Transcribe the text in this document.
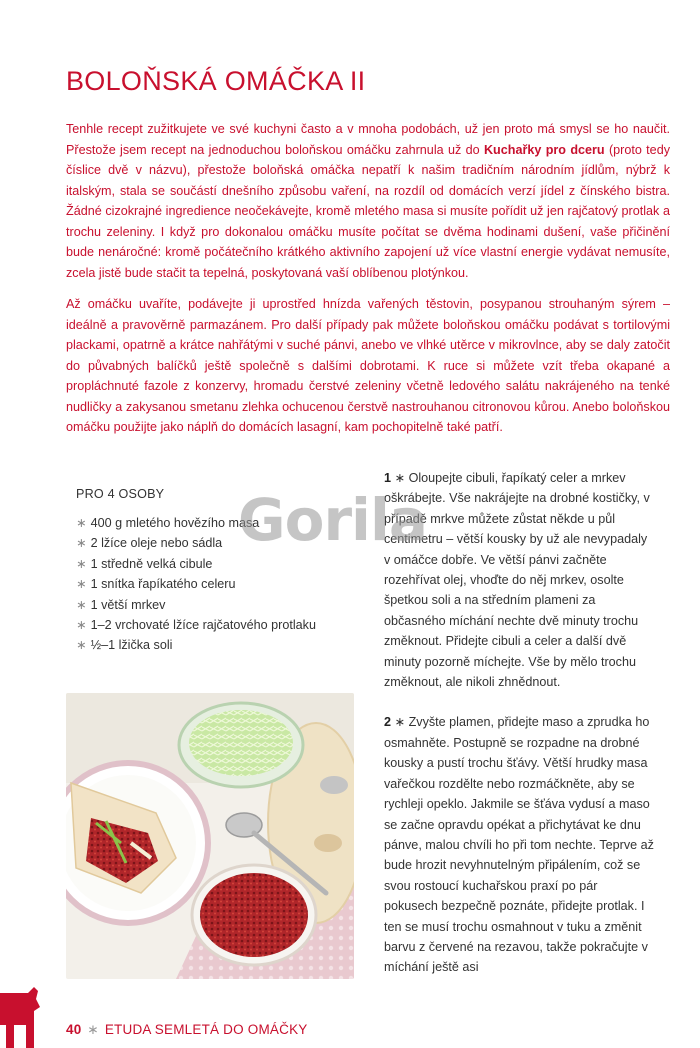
BOLOŇSKÁ OMÁČKA II

Tenhle recept zužitkujete ve své kuchyni často a v mnoha podobách, už jen proto má smysl se ho naučit. Přestože jsem recept na jednoduchou boloňskou omáčku zahrnula už do Kuchařky pro dceru (proto tedy číslice dvě v názvu), přestože boloňská omáčka nepatří k našim tradičním národním jídlům, nýbrž k italským, stala se součástí dnešního způsobu vaření, na rozdíl od domácích verzí jídel z čínského bistra. Žádné cizokrajné ingredience neočekávejte, kromě mletého masa si musíte pořídit už jen rajčatový protlak a trochu zeleniny. I když pro dokonalou omáčku musíte počítat se dvěma hodinami dušení, vaše přičinění bude nenáročné: kromě počátečního krátkého aktivního zapojení už více vlastní energie vydávat nemusíte, zcela jistě bude stačit ta tepelná, poskytovaná vaší oblíbenou plotýnkou.

Až omáčku uvaříte, podávejte ji uprostřed hnízda vařených těstovin, posypanou strouhaným sýrem – ideálně a pravověrně parmazánem. Pro další případy pak můžete boloňskou omáčku podávat s tortilovými plackami, opatrně a krátce nahřátými v suché pánvi, anebo ve vlhké utěrce v mikrovlnce, aby se daly zatočit do půvabných balíčků ještě společně s dalšími dobrotami. K ruce si můžete vzít třeba okapané a propláchnuté fazole z konzervy, hromadu čerstvé zeleniny včetně ledového salátu nakrájeného na tenké nudličky a zakysanou smetanu zlehka ochucenou čerstvě nastrouhanou citronovou kůrou. Anebo boloňskou omáčku použijte jako náplň do domácích lasagní, kam pochopitelně také patří.

PRO 4 OSOBY
∗ 400 g mletého hovězího masa
∗ 2 lžíce oleje nebo sádla
∗ 1 středně velká cibule
∗ 1 snítka řapíkatého celeru
∗ 1 větší mrkev
∗ 1–2 vrchovaté lžíce rajčatového protlaku
∗ ½–1 lžička soli

1 ∗ Oloupejte cibuli, řapíkatý celer a mrkev oškrábejte. Vše nakrájejte na drobné kostičky, v případě mrkve můžete zůstat někde u půl centimetru – větší kousky by už ale nevypadaly v omáčce dobře. Ve větší pánvi začněte rozehřívat olej, vhoďte do něj mrkev, osolte špetkou soli a na středním plameni za občasného míchání nechte dvě minuty trochu změknout. Přidejte cibuli a celer a další dvě minuty pozorně míchejte. Vše by mělo trochu změknout, ale nikoli zhnědnout.

2 ∗ Zvyšte plamen, přidejte maso a zprudka ho osmahněte. Postupně se rozpadne na drobné kousky a pustí trochu šťávy. Větší hrudky masa vařečkou rozdělte nebo rozmáčkněte, aby se rychleji opeklo. Jakmile se šťáva vydusí a maso se začne opravdu opékat a přichytávat ke dnu pánve, malou chvíli ho při tom nechte. Teprve až bude hrozit nevyhnutelným připálením, což se svou rostoucí kuchařskou praxí po pár pokusech bezpečně poznáte, přidejte protlak. I ten se musí trochu osmahnout v tuku a změnit barvu z červené na rezavou, takže pokračujte v míchání ještě asi

Gorila
40 ∗ ETUDA SEMLETÁ DO OMÁČKY
